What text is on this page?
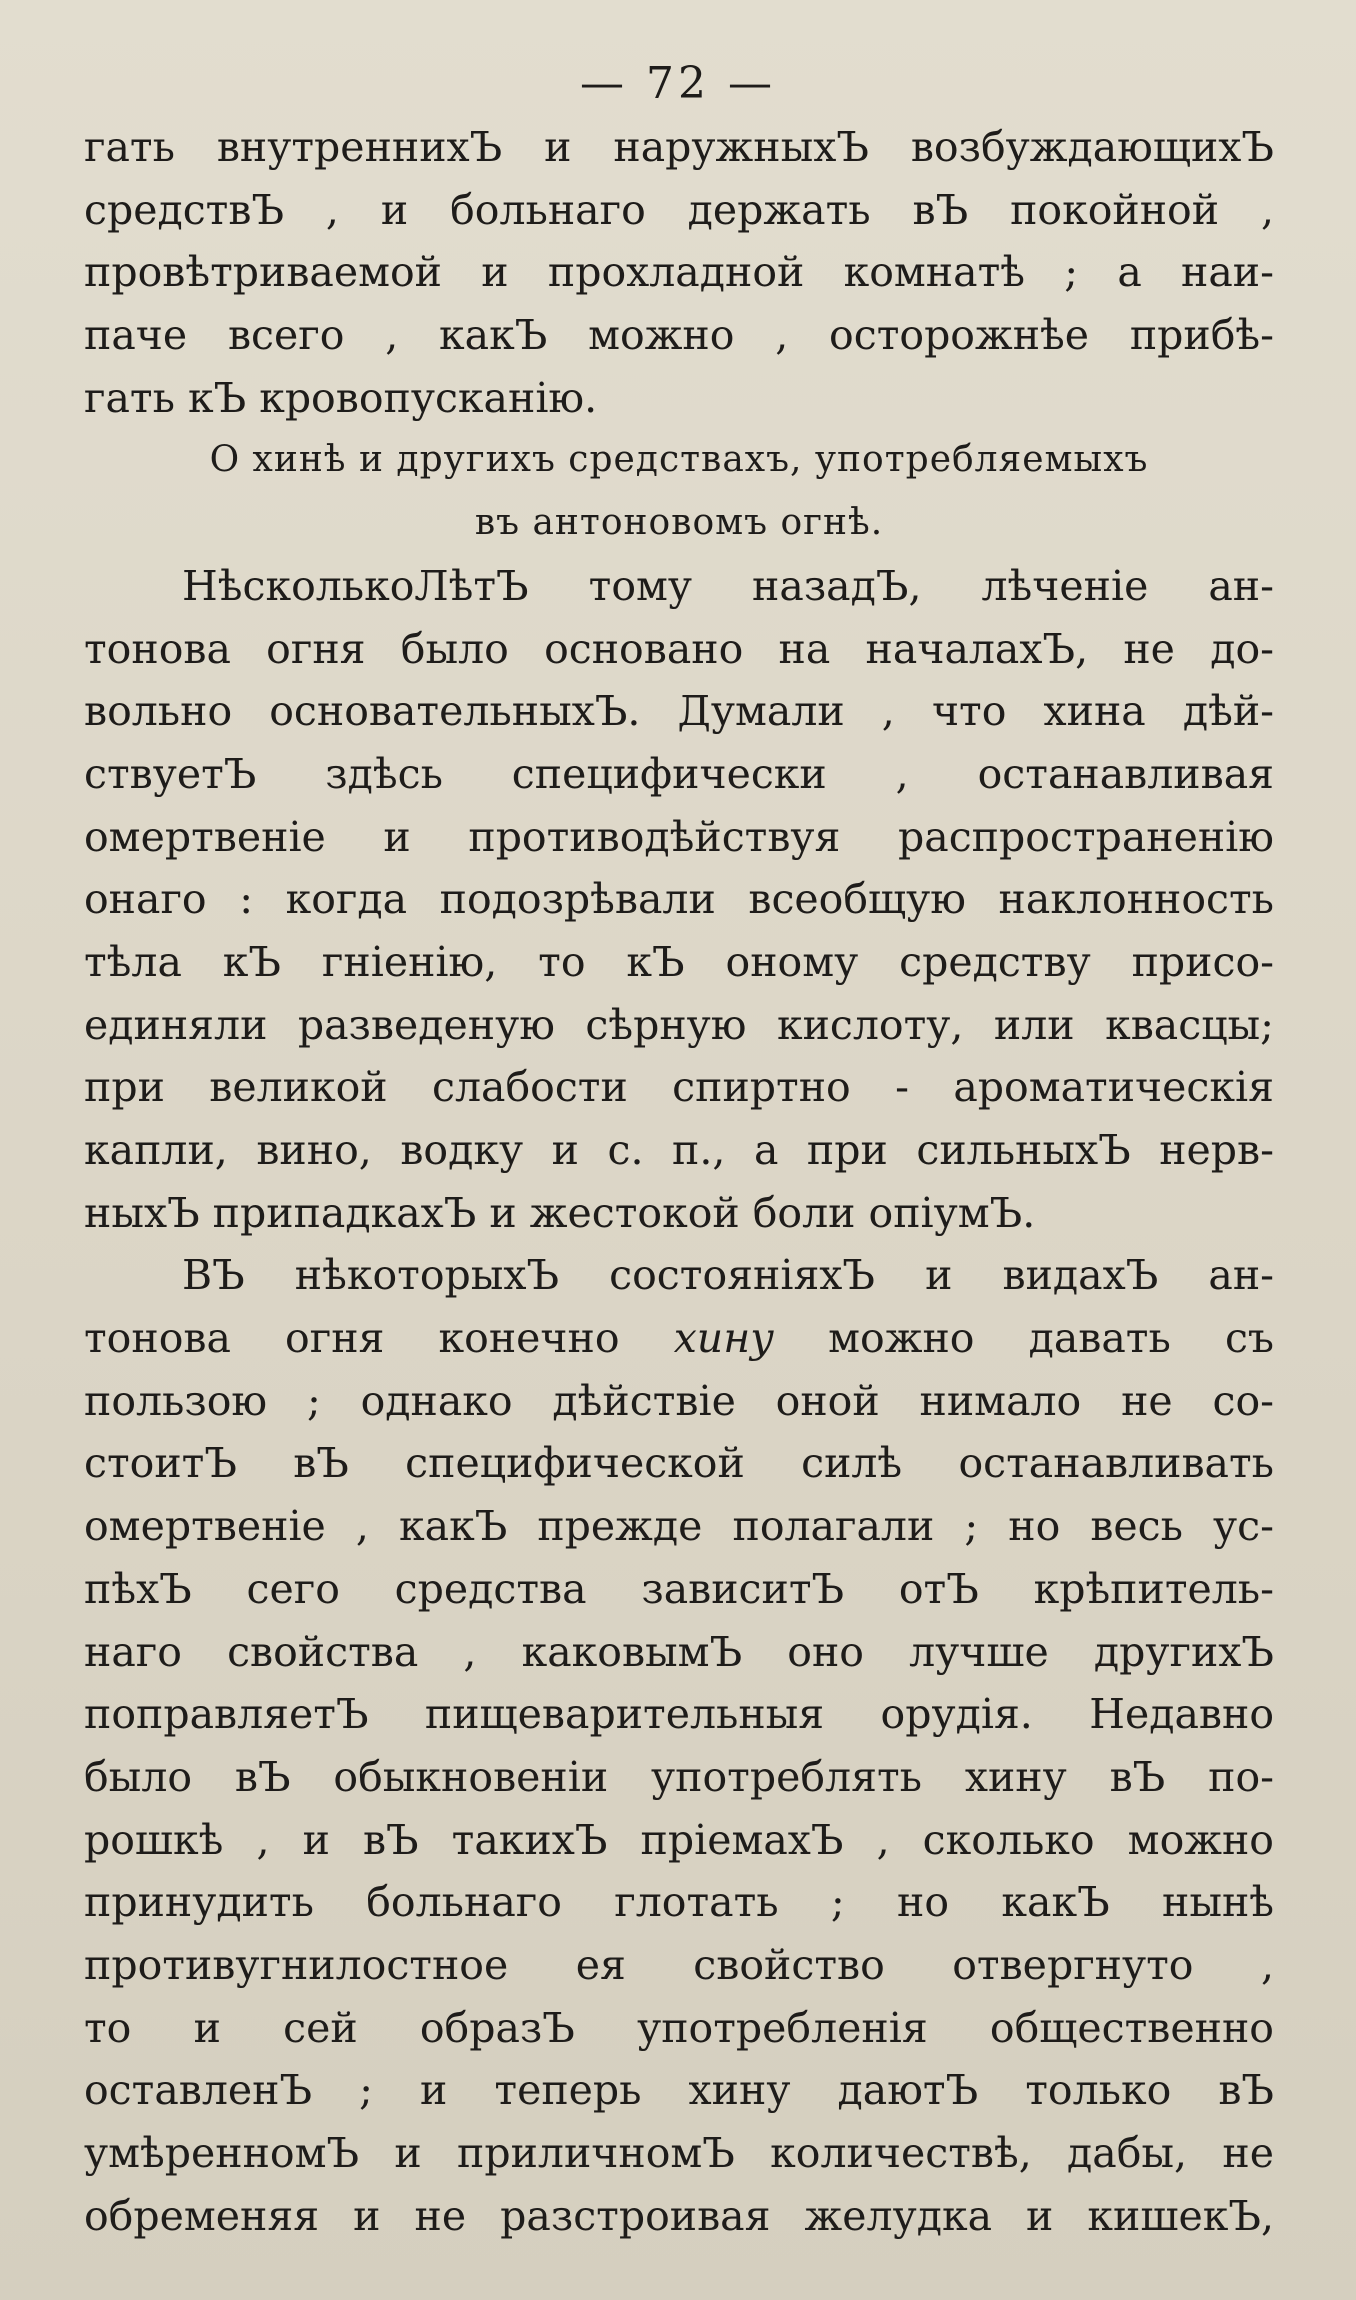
— 72 —
гать внутреннихЪ и наружныхЪ возбуждающихЪ
средствЪ , и больнаго держать вЪ покойной ,
провѣтриваемой и прохладной комнатѣ ; а наи-
паче всего , какЪ можно , осторожнѣе прибѣ-
гать кЪ кровопусканію.
О хинѣ и другихъ средствахъ, употребляемыхъ
въ антоновомъ огнѣ.
НѣсколькоЛѣтЪ тому назадЪ, лѣченіе ан-
тонова огня было основано на началахЪ, не до-
вольно основательныхЪ. Думали , что хина дѣй-
ствуетЪ здѣсь специфически , останавливая
омертвеніе и противодѣйствуя распространенію
онаго : когда подозрѣвали всеобщую наклонность
тѣла кЪ гніенію, то кЪ оному средству присо-
единяли разведеную сѣрную кислоту, или квасцы;
при великой слабости спиртно - ароматическія
капли, вино, водку и с. п., а при сильныхЪ нерв-
ныхЪ припадкахЪ и жестокой боли опіумЪ.
ВЪ нѣкоторыхЪ состояніяхЪ и видахЪ ан-
тонова огня конечно хину можно давать съ
пользою ; однако дѣйствіе оной нимало не со-
стоитЪ вЪ специфической силѣ останавливать
омертвеніе , какЪ прежде полагали ; но весь ус-
пѣхЪ сего средства зависитЪ отЪ крѣпитель-
наго свойства , каковымЪ оно лучше другихЪ
поправляетЪ пищеварительныя орудія. Недавно
было вЪ обыкновеніи употреблять хину вЪ по-
рошкѣ , и вЪ такихЪ пріемахЪ , сколько можно
принудить больнаго глотать ; но какЪ нынѣ
противугнилостное ея свойство отвергнуто ,
то и сей образЪ употребленія общественно
оставленЪ ; и теперь хину даютЪ только вЪ
умѣренномЪ и приличномЪ количествѣ, дабы, не
обременяя и не разстроивая желудка и кишекЪ,
